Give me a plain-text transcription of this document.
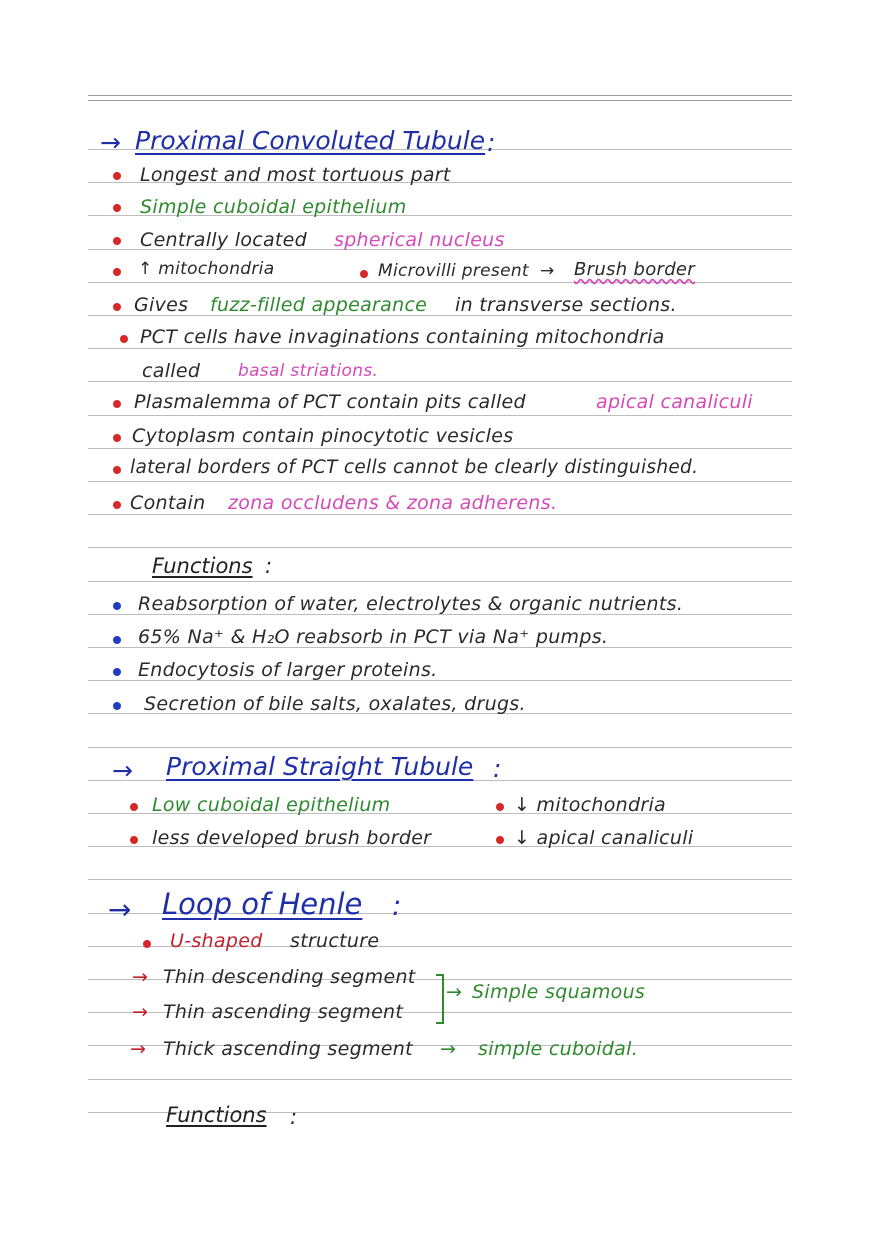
→ Proximal Convoluted Tubule :
Longest and most tortuous part
Simple cuboidal epithelium
Centrally located spherical nucleus
↑ mitochondria	Microvilli present → Brush border
Gives fuzz-filled appearance in transverse sections.
PCT cells have invaginations containing mitochondria
called basal striations.
Plasmalemma of PCT contain pits called	apical canaliculi
Cytoplasm contain pinocytotic vesicles
lateral borders of PCT cells cannot be clearly distinguished.
Contain zona occludens & zona adherens.
Functions :
Reabsorption of water, electrolytes & organic nutrients.
65% Na⁺ & H₂O reabsorb in PCT via Na⁺ pumps.
Endocytosis of larger proteins.
Secretion of bile salts, oxalates, drugs.
→ Proximal Straight Tubule :
Low cuboidal epithelium
less developed brush border
↓ mitochondria
↓ apical canaliculi
→ Loop of Henle :
U-shaped structure
→ Thin descending segment
→ Thin ascending segment
→ Simple squamous
→ Thick ascending segment → simple cuboidal.
Functions :
